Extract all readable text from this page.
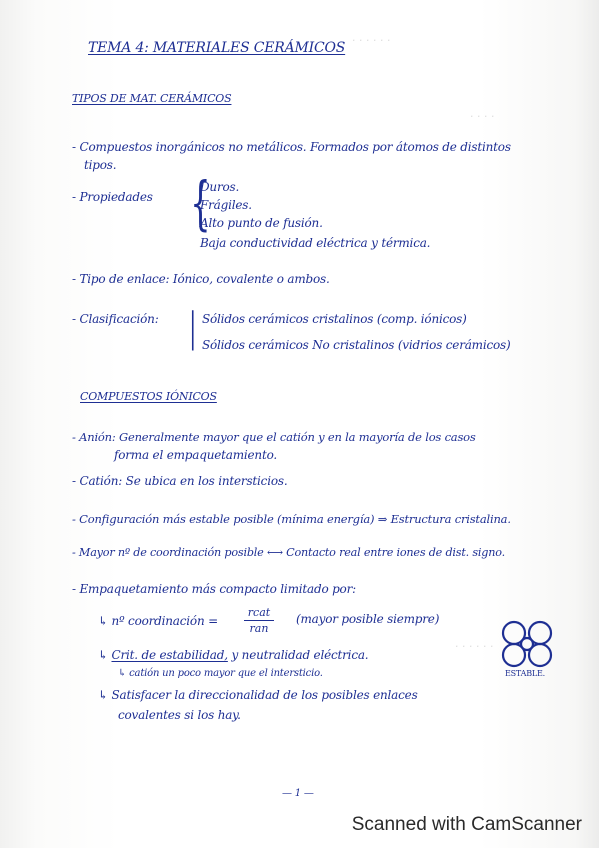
· · · · · ·
· · · ·
· · · · · ·
TEMA 4: MATERIALES CERÁMICOS
TIPOS DE MAT. CERÁMICOS
- Compuestos inorgánicos no metálicos. Formados por átomos de distintos
tipos.
- Propiedades {
Duros.
Frágiles.
Alto punto de fusión.
Baja conductividad eléctrica y térmica.
- Tipo de enlace: Iónico, covalente o ambos.
- Clasificación: | Sólidos cerámicos cristalinos (comp. iónicos)
Sólidos cerámicos No cristalinos (vidrios cerámicos)
COMPUESTOS IÓNICOS
- Anión: Generalmente mayor que el catión y en la mayoría de los casos
forma el empaquetamiento.
- Catión: Se ubica en los intersticios.
- Configuración más estable posible (mínima energía) ⇒ Estructura cristalina.
- Mayor nº de coordinación posible ⟷ Contacto real entre iones de dist. signo.
- Empaquetamiento más compacto limitado por:
↳ nº coordinación =
rcat
ran
(mayor posible siempre)
↳ Crit. de estabilidad, y neutralidad eléctrica.
↳ catión un poco mayor que el intersticio.
↳ Satisfacer la direccionalidad de los posibles enlaces
covalentes si los hay.
ESTABLE.
— 1 —
Scanned with CamScanner
